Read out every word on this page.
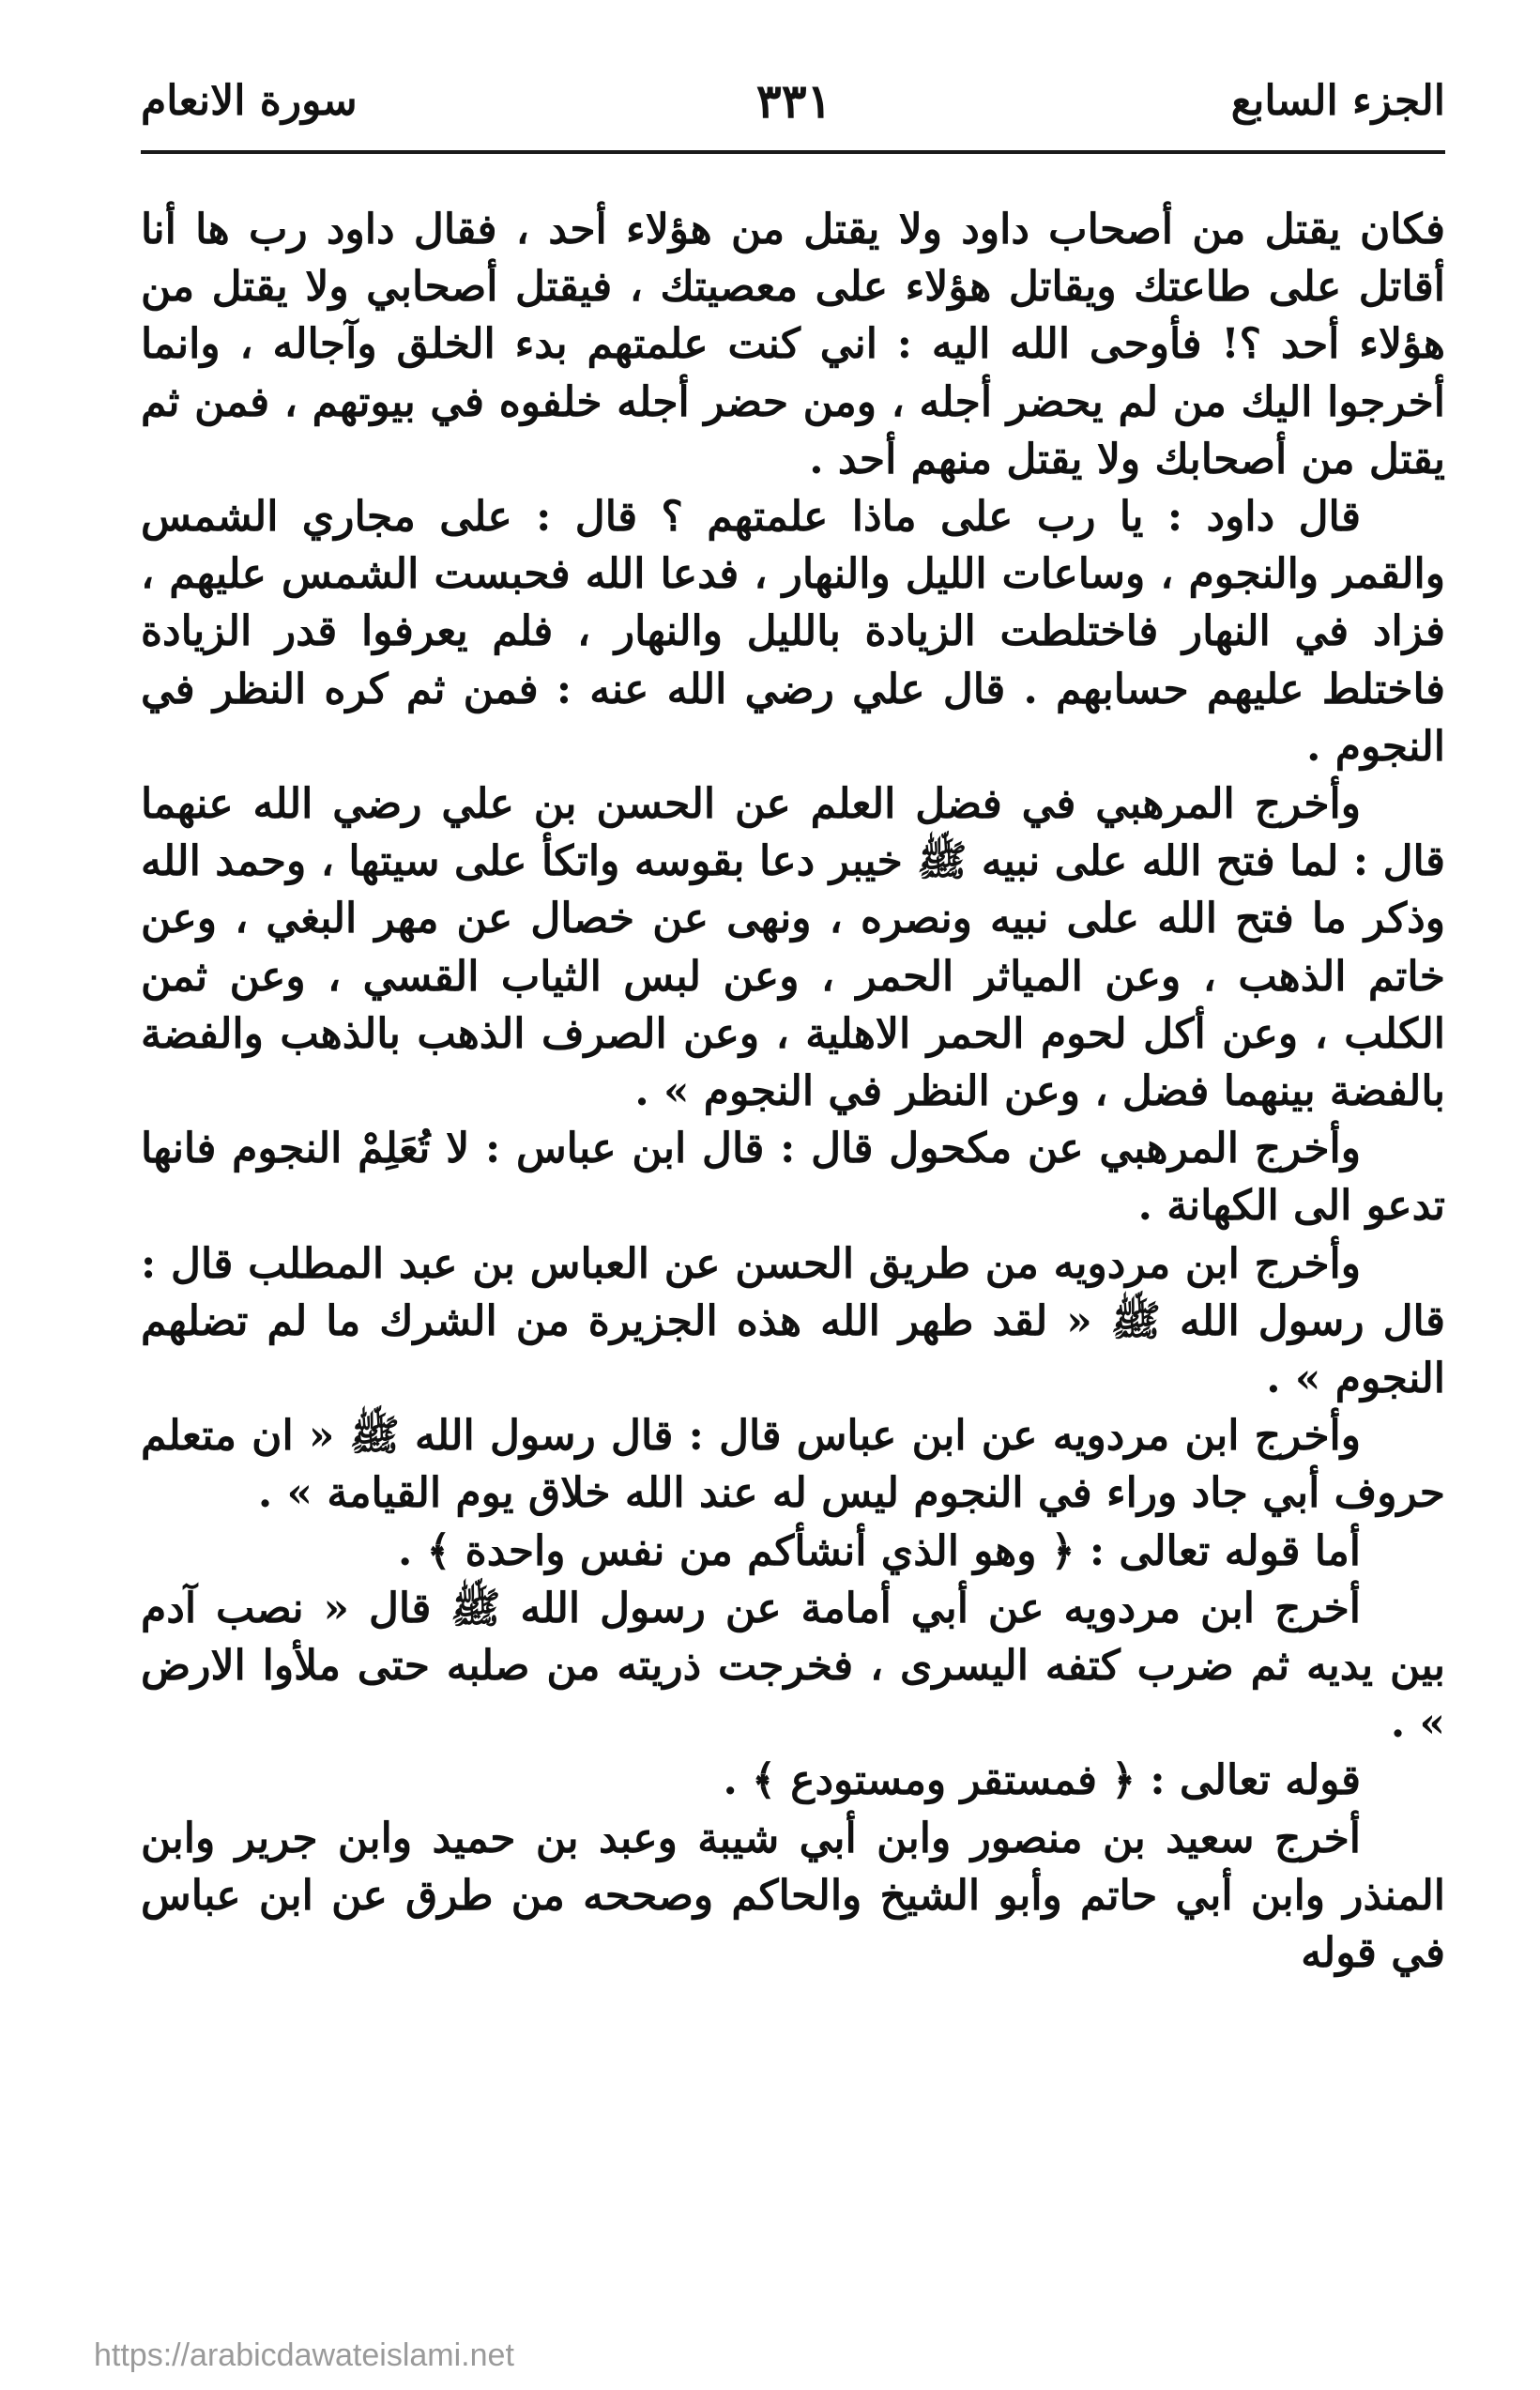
الجزء السابع
٣٣١
سورة الانعام

فكان يقتل من أصحاب داود ولا يقتل من هؤلاء أحد ، فقال داود رب ها أنا أقاتل على طاعتك ويقاتل هؤلاء على معصيتك ، فيقتل أصحابي ولا يقتل من هؤلاء أحد ؟! فأوحى الله اليه : اني كنت علمتهم بدء الخلق وآجاله ، وانما أخرجوا اليك من لم يحضر أجله ، ومن حضر أجله خلفوه في بيوتهم ، فمن ثم يقتل من أصحابك ولا يقتل منهم أحد .

قال داود : يا رب على ماذا علمتهم ؟ قال : على مجاري الشمس والقمر والنجوم ، وساعات الليل والنهار ، فدعا الله فحبست الشمس عليهم ، فزاد في النهار فاختلطت الزيادة بالليل والنهار ، فلم يعرفوا قدر الزيادة فاختلط عليهم حسابهم . قال علي رضي الله عنه : فمن ثم كره النظر في النجوم .

وأخرج المرهبي في فضل العلم عن الحسن بن علي رضي الله عنهما قال : لما فتح الله على نبيه ﷺ خيبر دعا بقوسه واتكأ على سيتها ، وحمد الله وذكر ما فتح الله على نبيه ونصره ، ونهى عن خصال عن مهر البغي ، وعن خاتم الذهب ، وعن المياثر الحمر ، وعن لبس الثياب القسي ، وعن ثمن الكلب ، وعن أكل لحوم الحمر الاهلية ، وعن الصرف الذهب بالذهب والفضة بالفضة بينهما فضل ، وعن النظر في النجوم » .

وأخرج المرهبي عن مكحول قال : قال ابن عباس : لا تُعَلِمْ النجوم فانها تدعو الى الكهانة .

وأخرج ابن مردويه من طريق الحسن عن العباس بن عبد المطلب قال : قال رسول الله ﷺ « لقد طهر الله هذه الجزيرة من الشرك ما لم تضلهم النجوم » .

وأخرج ابن مردويه عن ابن عباس قال : قال رسول الله ﷺ « ان متعلم حروف أبي جاد وراء في النجوم ليس له عند الله خلاق يوم القيامة » .

أما قوله تعالى : ﴿ وهو الذي أنشأكم من نفس واحدة ﴾ .

أخرج ابن مردويه عن أبي أمامة عن رسول الله ﷺ قال « نصب آدم بين يديه ثم ضرب كتفه اليسرى ، فخرجت ذريته من صلبه حتى ملأوا الارض » .

قوله تعالى : ﴿ فمستقر ومستودع ﴾ .

أخرج سعيد بن منصور وابن أبي شيبة وعبد بن حميد وابن جرير وابن المنذر وابن أبي حاتم وأبو الشيخ والحاكم وصححه من طرق عن ابن عباس في قوله

https://arabicdawateislami.net
